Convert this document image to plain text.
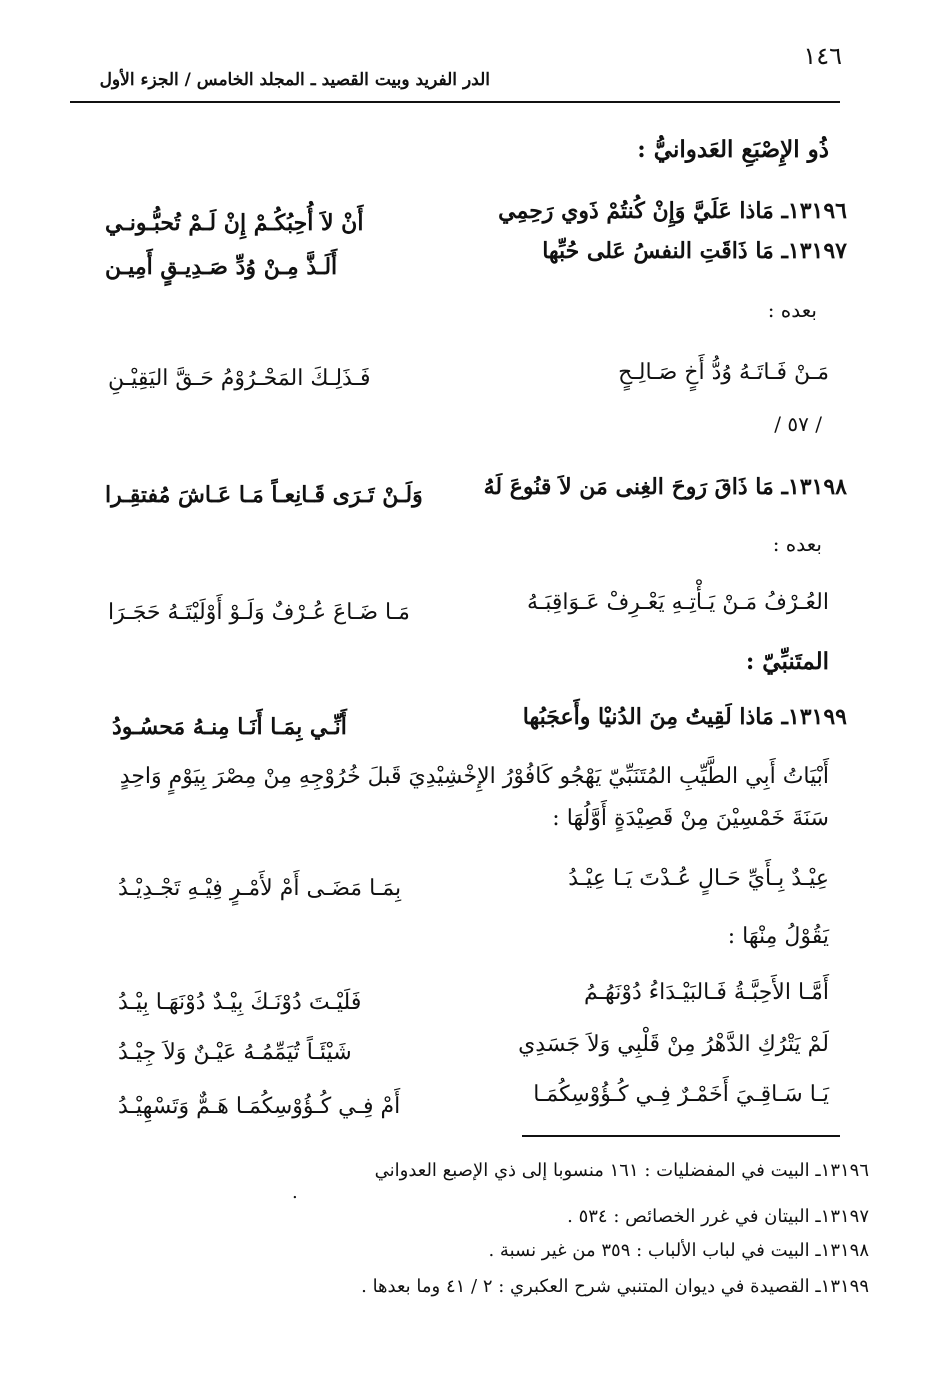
١٤٦
الدر الفريد وبيت القصيد ـ المجلد الخامس / الجزء الأول
ذُو الإِصْبَعِ العَدوانيُّ :
١٣١٩٦ـ مَاذا عَلَيَّ وَإِنْ كُنتُمْ ذَوي رَحِمِي
أَنْ لاَ أُحِبُكُـمْ إِنْ لَـمْ تُحبُّـونـي
١٣١٩٧ـ مَا ذَاقَتِ النفسُ عَلى حُبِّها
أَلَـذَّ مِـنْ وُدِّ صَـدِيـقٍ أَمِيـن
بعده :
مَـنْ فَـاتَـهُ وُدُّ أَخٍ صَـالِـحٍ
فَـذَلِـكَ المَحْـرُوْمُ حَـقَّ اليَقِيْـنِ
/ ٥٧ /
١٣١٩٨ـ مَا ذَاقَ رَوحَ الغِنى مَن لاَ قنُوعَ لَهُ
وَلَـنْ تَـرَى قَـانِعـاً مَـا عَـاشَ مُفتقِـرا
بعده :
العُـرْفُ مَـنْ يَـأْتِـهِ يَعْـرِفْ عَـوَاقِبَـهُ
مَـا ضَـاعَ عُـرْفٌ وَلَـوْ أَوْلَيْتَـهُ حَجَـرَا
المتَنبِّيّ :
١٣١٩٩ـ مَاذا لَقِيتُ مِنَ الدُنيْا وأَعجَبُها
أَنِّـي بِمَـا أَنَـا مِنـهُ مَحسُـودُ
أَبْيَاتُ أَبِي الطَّيِّبِ المُتَنَبِّيّ يَهْجُو كَافُوْرُ الإِخْشِيْدِيَ قَبلَ خُرُوْجِهِ مِنْ مِصْرَ بِيَوْمٍ وَاحِدٍ
سَنَةَ خَمْسِيْنَ مِنْ قَصِيْدَةٍ أَوَّلُهَا :
عِيْـدٌ بِـأَيِّ حَـالٍ عُـدْتَ يَـا عِيْـدُ
بِمَـا مَضَـى أَمْ لأَمْـرٍ فِيْـهِ تَجْـدِيْـدُ
يَقُوْلُ مِنْهَا :
أَمَّـا الأَحِبَّـةُ فَـالبَيْـدَاءُ دُوْنَهُـمُ
فَلَيْـتَ دُوْنَـكَ بِيْـدٌ دُوْنَهَـا بِيْـدُ
لَمْ يَتْرُكِ الدَّهْرُ مِنْ قَلْبِي وَلاَ جَسَدِي
شَيْئَـاً تُيَمِّمُـهُ عَيْـنٌ وَلاَ جِيْـدُ
يَـا سَـاقِـيَ أَخَمْـرٌ فِـي كُـؤُوْسِكُمَـا
أَمْ فِـي كُـؤُوْسِكُمَـا هَـمٌّ وَتَسْهِيْـدُ
١٣١٩٦ـ البيت في المفضليات : ١٦١ منسوبا إلى ذي الإصبع العدواني
.
١٣١٩٧ـ البيتان في غرر الخصائص : ٥٣٤ .
١٣١٩٨ـ البيت في لباب الألباب : ٣٥٩ من غير نسبة .
١٣١٩٩ـ القصيدة في ديوان المتنبي شرح العكبري : ٢ / ٤١ وما بعدها .
